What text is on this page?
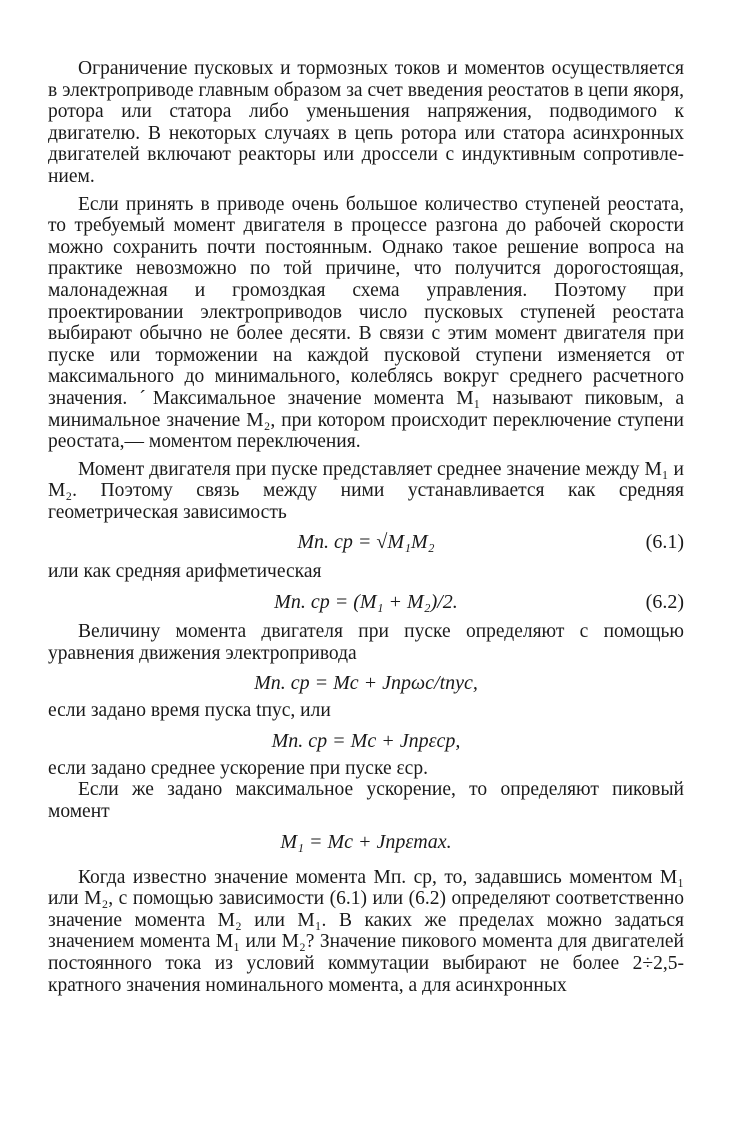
Ограничение пусковых и тормозных токов и моментов осуществляется в электроприводе главным образом за счет введения реостатов в цепи якоря, ротора или статора либо уменьшения напряжения, подводимого к двигателю. В некоторых случаях в цепь ротора или статора асинхронных двигателей включают реакторы или дроссели с индуктивным сопротивлением.

Если принять в приводе очень большое количество ступеней реостата, то требуемый момент двигателя в процессе разгона до рабочей скорости можно сохранить почти постоянным. Однако такое решение вопроса на практике невозможно по той причине, что получится дорогостоящая, малонадежная и громоздкая схема управления. Поэтому при проектировании электроприводов число пусковых ступеней реостата выбирают обычно не более десяти. В связи с этим момент двигателя при пуске или торможении на каждой пусковой ступени изменяется от максимального до минимального, колеблясь вокруг среднего расчетного значения. ˊМаксимальное значение момента M₁ называют пиковым, а минимальное значение M₂, при котором происходит переключение ступени реостата,— моментом переключения.

Момент двигателя при пуске представляет среднее значение между M₁ и M₂. Поэтому связь между ними устанавливается как средняя геометрическая зависимость

Mп. ср = √M₁M₂	(6.1)

или как средняя арифметическая

Mп. ср = (M₁ + M₂)/2.	(6.2)

Величину момента двигателя при пуске определяют с помощью уравнения движения электропривода

Mп. ср = Mс + Jпрωс/tпус,

если задано время пуска tпус, или

Mп. ср = Mс + Jпрεср,

если задано среднее ускорение при пуске εср.

Если же задано максимальное ускорение, то определяют пиковый момент

M₁ = Mс + Jпрεmax.

Когда известно значение момента Mп. ср, то, задавшись моментом M₁ или M₂, с помощью зависимости (6.1) или (6.2) определяют соответственно значение момента M₂ или M₁. В каких же пределах можно задаться значением момента M₁ или M₂? Значение пикового момента для двигателей постоянного тока из условий коммутации выбирают не более 2÷2,5-кратного значения номинального момента, а для асинхронных
